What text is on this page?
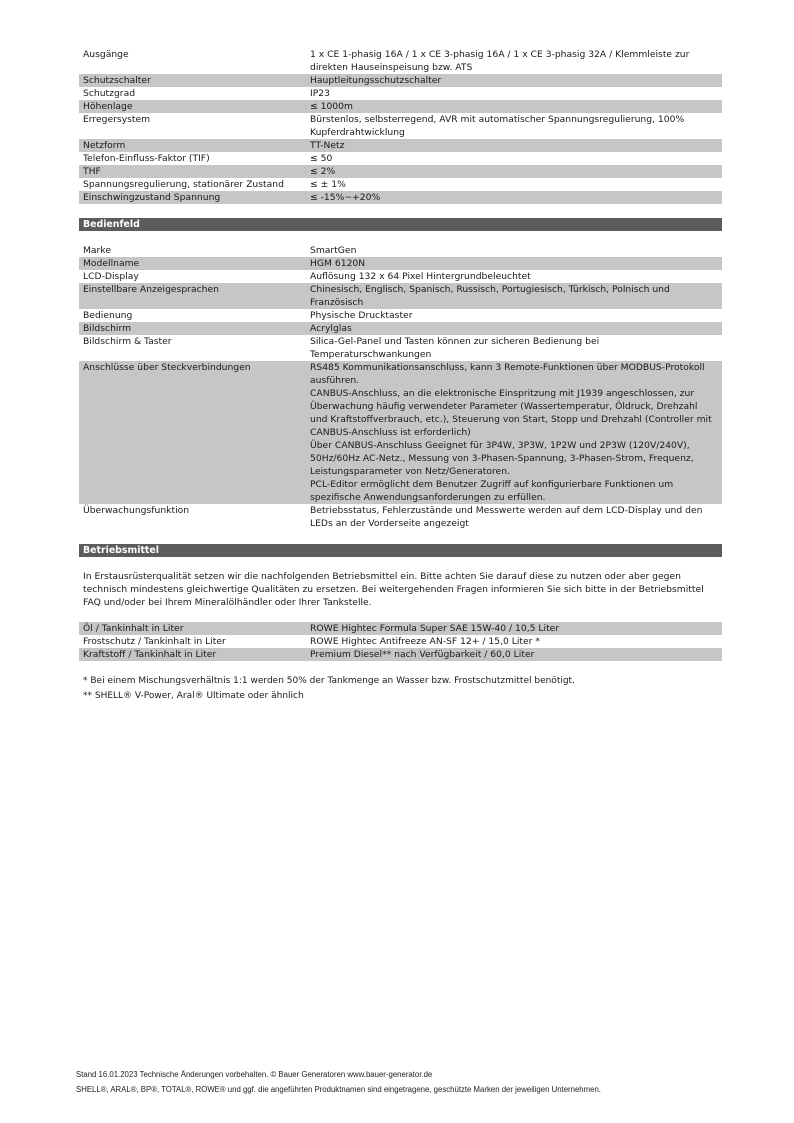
Ausgänge	1 x CE 1-phasig 16A / 1 x CE 3-phasig 16A / 1 x CE 3-phasig 32A / Klemmleiste zur direkten Hauseinspeisung bzw. ATS
Schutzschalter	Hauptleitungsschutzschalter
Schutzgrad	IP23
Höhenlage	≤ 1000m
Erregersystem	Bürstenlos, selbsterregend, AVR mit automatischer Spannungsregulierung, 100% Kupferdrahtwicklung
Netzform	TT-Netz
Telefon-Einfluss-Faktor (TIF)	≤ 50
THF	≤ 2%
Spannungsregulierung, stationärer Zustand	≤ ± 1%
Einschwingzustand Spannung	≤ -15%~+20%
Bedienfeld
Marke	SmartGen
Modellname	HGM 6120N
LCD-Display	Auflösung 132 x 64 Pixel Hintergrundbeleuchtet
Einstellbare Anzeigesprachen	Chinesisch, Englisch, Spanisch, Russisch, Portugiesisch, Türkisch, Polnisch und Französisch
Bedienung	Physische Drucktaster
Bildschirm	Acrylglas
Bildschirm & Taster	Silica-Gel-Panel und Tasten können zur sicheren Bedienung bei Temperaturschwankungen
Anschlüsse über Steckverbindungen	RS485 Kommunikationsanschluss, kann 3 Remote-Funktionen über MODBUS-Protokoll ausführen.
CANBUS-Anschluss, an die elektronische Einspritzung mit J1939 angeschlossen, zur Überwachung häufig verwendeter Parameter (Wassertemperatur, Öldruck, Drehzahl und Kraftstoffverbrauch, etc.), Steuerung von Start, Stopp und Drehzahl (Controller mit CANBUS-Anschluss ist erforderlich)
Über CANBUS-Anschluss Geeignet für 3P4W, 3P3W, 1P2W und 2P3W (120V/240V), 50Hz/60Hz AC-Netz., Messung von 3-Phasen-Spannung, 3-Phasen-Strom, Frequenz, Leistungsparameter von Netz/Generatoren.
PCL-Editor ermöglicht dem Benutzer Zugriff auf konfigurierbare Funktionen um spezifische Anwendungsanforderungen zu erfüllen.
Überwachungsfunktion	Betriebsstatus, Fehlerzustände und Messwerte werden auf dem LCD-Display und den LEDs an der Vorderseite angezeigt
Betriebsmittel
In Erstausrüsterqualität setzen wir die nachfolgenden Betriebsmittel ein. Bitte achten Sie darauf diese zu nutzen oder aber gegen technisch mindestens gleichwertige Qualitäten zu ersetzen. Bei weitergehenden Fragen informieren Sie sich bitte in der Betriebsmittel FAQ und/oder bei Ihrem Mineralölhändler oder Ihrer Tankstelle.
Öl / Tankinhalt in Liter	ROWE Hightec Formula Super SAE 15W-40 / 10,5 Liter
Frostschutz / Tankinhalt in Liter	ROWE Hightec Antifreeze AN-SF 12+ / 15,0 Liter *
Kraftstoff / Tankinhalt in Liter	Premium Diesel** nach Verfügbarkeit / 60,0 Liter
* Bei einem Mischungsverhältnis 1:1 werden 50% der Tankmenge an Wasser bzw. Frostschutzmittel benötigt.
** SHELL® V-Power, Aral® Ultimate oder ähnlich
Stand 16.01.2023 Technische Änderungen vorbehalten. © Bauer Generatoren www.bauer-generator.de
SHELL®, ARAL®, BP®, TOTAL®, ROWE® und ggf. die angeführten Produktnamen sind eingetragene, geschützte Marken der jeweiligen Unternehmen.
